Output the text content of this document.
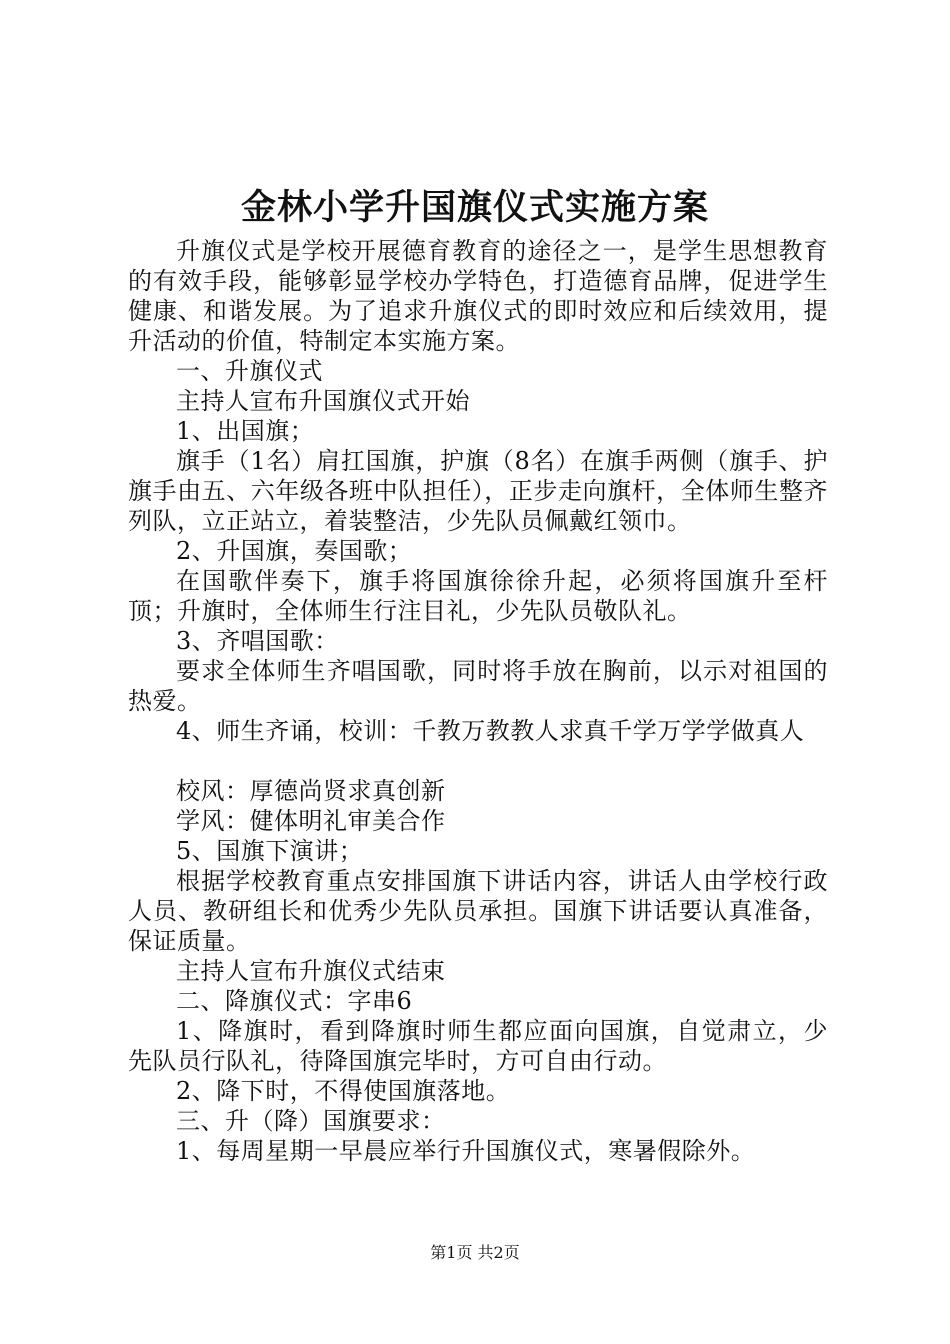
金林小学升国旗仪式实施方案

升旗仪式是学校开展德育教育的途径之一，是学生思想教育的有效手段，能够彰显学校办学特色，打造德育品牌，促进学生健康、和谐发展。为了追求升旗仪式的即时效应和后续效用，提升活动的价值，特制定本实施方案。

一、升旗仪式

主持人宣布升国旗仪式开始

1、出国旗；

旗手（1名）肩扛国旗，护旗（8名）在旗手两侧（旗手、护旗手由五、六年级各班中队担任），正步走向旗杆，全体师生整齐列队，立正站立，着装整洁，少先队员佩戴红领巾。

2、升国旗，奏国歌；

在国歌伴奏下，旗手将国旗徐徐升起，必须将国旗升至杆顶；升旗时，全体师生行注目礼，少先队员敬队礼。

3、齐唱国歌：

要求全体师生齐唱国歌，同时将手放在胸前，以示对祖国的热爱。

4、师生齐诵，校训：千教万教教人求真千学万学学做真人

校风：厚德尚贤求真创新

学风：健体明礼审美合作

5、国旗下演讲；

根据学校教育重点安排国旗下讲话内容，讲话人由学校行政人员、教研组长和优秀少先队员承担。国旗下讲话要认真准备，保证质量。

主持人宣布升旗仪式结束

二、降旗仪式：字串6

1、降旗时，看到降旗时师生都应面向国旗，自觉肃立，少先队员行队礼，待降国旗完毕时，方可自由行动。

2、降下时，不得使国旗落地。

三、升（降）国旗要求：

1、每周星期一早晨应举行升国旗仪式，寒暑假除外。

第1页 共2页
